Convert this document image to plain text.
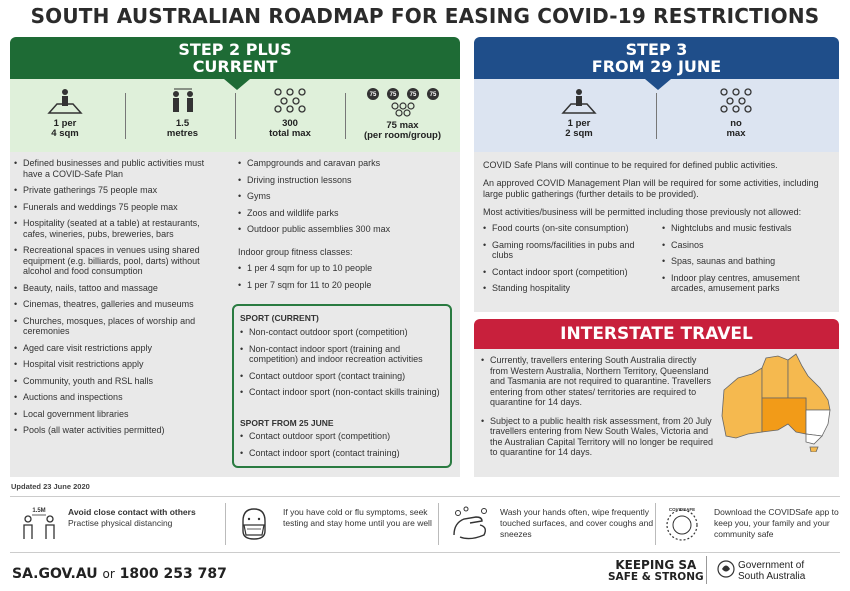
SOUTH AUSTRALIAN ROADMAP FOR EASING COVID-19 RESTRICTIONS
STEP 2 PLUS
CURRENT
1 per
4 sqm
1.5
metres
300
total max
75 75 75 75
75 max
(per room/group)
• Defined businesses and public activities must have a COVID-Safe Plan
• Private gatherings 75 people max
• Funerals and weddings 75 people max
• Hospitality (seated at a table) at restaurants, cafes, wineries, pubs, breweries, bars
• Recreational spaces in venues using shared equipment (e.g. billiards, pool, darts) without alcohol and food consumption
• Beauty, nails, tattoo and massage
• Cinemas, theatres, galleries and museums
• Churches, mosques, places of worship and ceremonies
• Aged care visit restrictions apply
• Hospital visit restrictions apply
• Community, youth and RSL halls
• Auctions and inspections
• Local government libraries
• Pools (all water activities permitted)
• Campgrounds and caravan parks
• Driving instruction lessons
• Gyms
• Zoos and wildlife parks
• Outdoor public assemblies 300 max
Indoor group fitness classes:
• 1 per 4 sqm for up to 10 people
• 1 per 7 sqm for 11 to 20 people
SPORT (CURRENT)
• Non-contact outdoor sport (competition)
• Non-contact indoor sport (training and competition) and indoor recreation activities
• Contact outdoor sport (contact training)
• Contact indoor sport (non-contact skills training)
SPORT FROM 25 JUNE
• Contact outdoor sport (competition)
• Contact indoor sport (contact training)
STEP 3
FROM 29 JUNE
1 per
2 sqm
no
max
COVID Safe Plans will continue to be required for defined public activities.
An approved COVID Management Plan will be required for some activities, including large public gatherings (further details to be provided).
Most activities/business will be permitted including those previously not allowed:
• Food courts (on-site consumption)
• Gaming rooms/facilities in pubs and clubs
• Contact indoor sport (competition)
• Standing hospitality
• Nightclubs and music festivals
• Casinos
• Spas, saunas and bathing
• Indoor play centres, amusement arcades, amusement parks
INTERSTATE TRAVEL
• Currently, travellers entering South Australia directly from Western Australia, Northern Territory, Queensland and Tasmania are not required to quarantine. Travellers entering from other states/ territories are required to quarantine for 14 days.
• Subject to a public health risk assessment, from 20 July travellers entering from New South Wales, Victoria and the Australian Capital Territory will no longer be required to quarantine for 14 days.
Updated 23 June 2020
1.5M	Avoid close contact with others
Practise physical distancing
If you have cold or flu symptoms, seek testing and stay home until you are well
Wash your hands often, wipe frequently touched surfaces, and cover coughs and sneezes
COVIDSAFE Download the COVIDSafe app to keep you, your family and your community safe
SA.GOV.AU or 1800 253 787
KEEPING SA
SAFE & STRONG
Government of
South Australia
